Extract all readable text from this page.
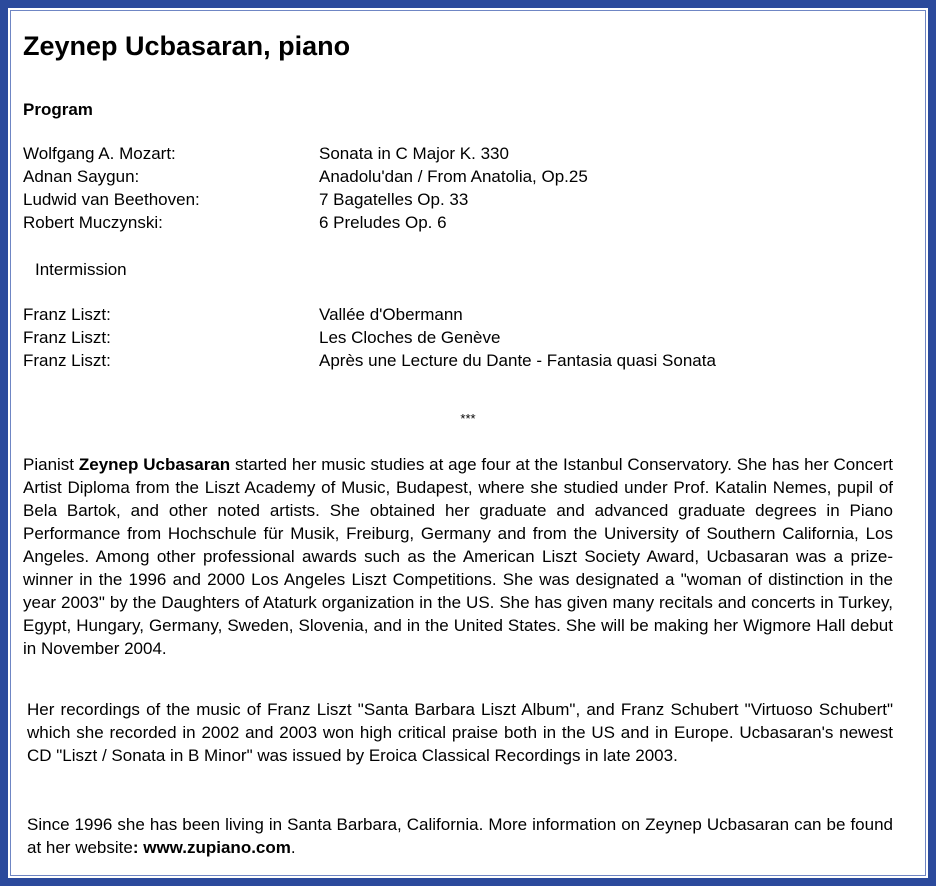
Zeynep Ucbasaran, piano
Program
Wolfgang A. Mozart:	Sonata in C Major K. 330
Adnan Saygun:	Anadolu'dan / From Anatolia, Op.25
Ludwid van Beethoven:	7 Bagatelles Op. 33
Robert Muczynski:	6 Preludes Op. 6
Intermission
Franz Liszt:	Vallée d'Obermann
Franz Liszt:	Les Cloches de Genève
Franz Liszt:	Après une Lecture du Dante - Fantasia quasi Sonata
***

Pianist Zeynep Ucbasaran started her music studies at age four at the Istanbul Conservatory. She has her Concert Artist Diploma from the Liszt Academy of Music, Budapest, where she studied under Prof. Katalin Nemes, pupil of Bela Bartok, and other noted artists. She obtained her graduate and advanced graduate degrees in Piano Performance from Hochschule für Musik, Freiburg, Germany and from the University of Southern California, Los Angeles. Among other professional awards such as the American Liszt Society Award, Ucbasaran was a prize-winner in the 1996 and 2000 Los Angeles Liszt Competitions. She was designated a "woman of distinction in the year 2003" by the Daughters of Ataturk organization in the US. She has given many recitals and concerts in Turkey, Egypt, Hungary, Germany, Sweden, Slovenia, and in the United States. She will be making her Wigmore Hall debut in November 2004.

Her recordings of the music of Franz Liszt "Santa Barbara Liszt Album", and Franz Schubert "Virtuoso Schubert" which she recorded in 2002 and 2003 won high critical praise both in the US and in Europe. Ucbasaran's newest CD "Liszt / Sonata in B Minor" was issued by Eroica Classical Recordings in late 2003.

Since 1996 she has been living in Santa Barbara, California. More information on Zeynep Ucbasaran can be found at her website: www.zupiano.com.
